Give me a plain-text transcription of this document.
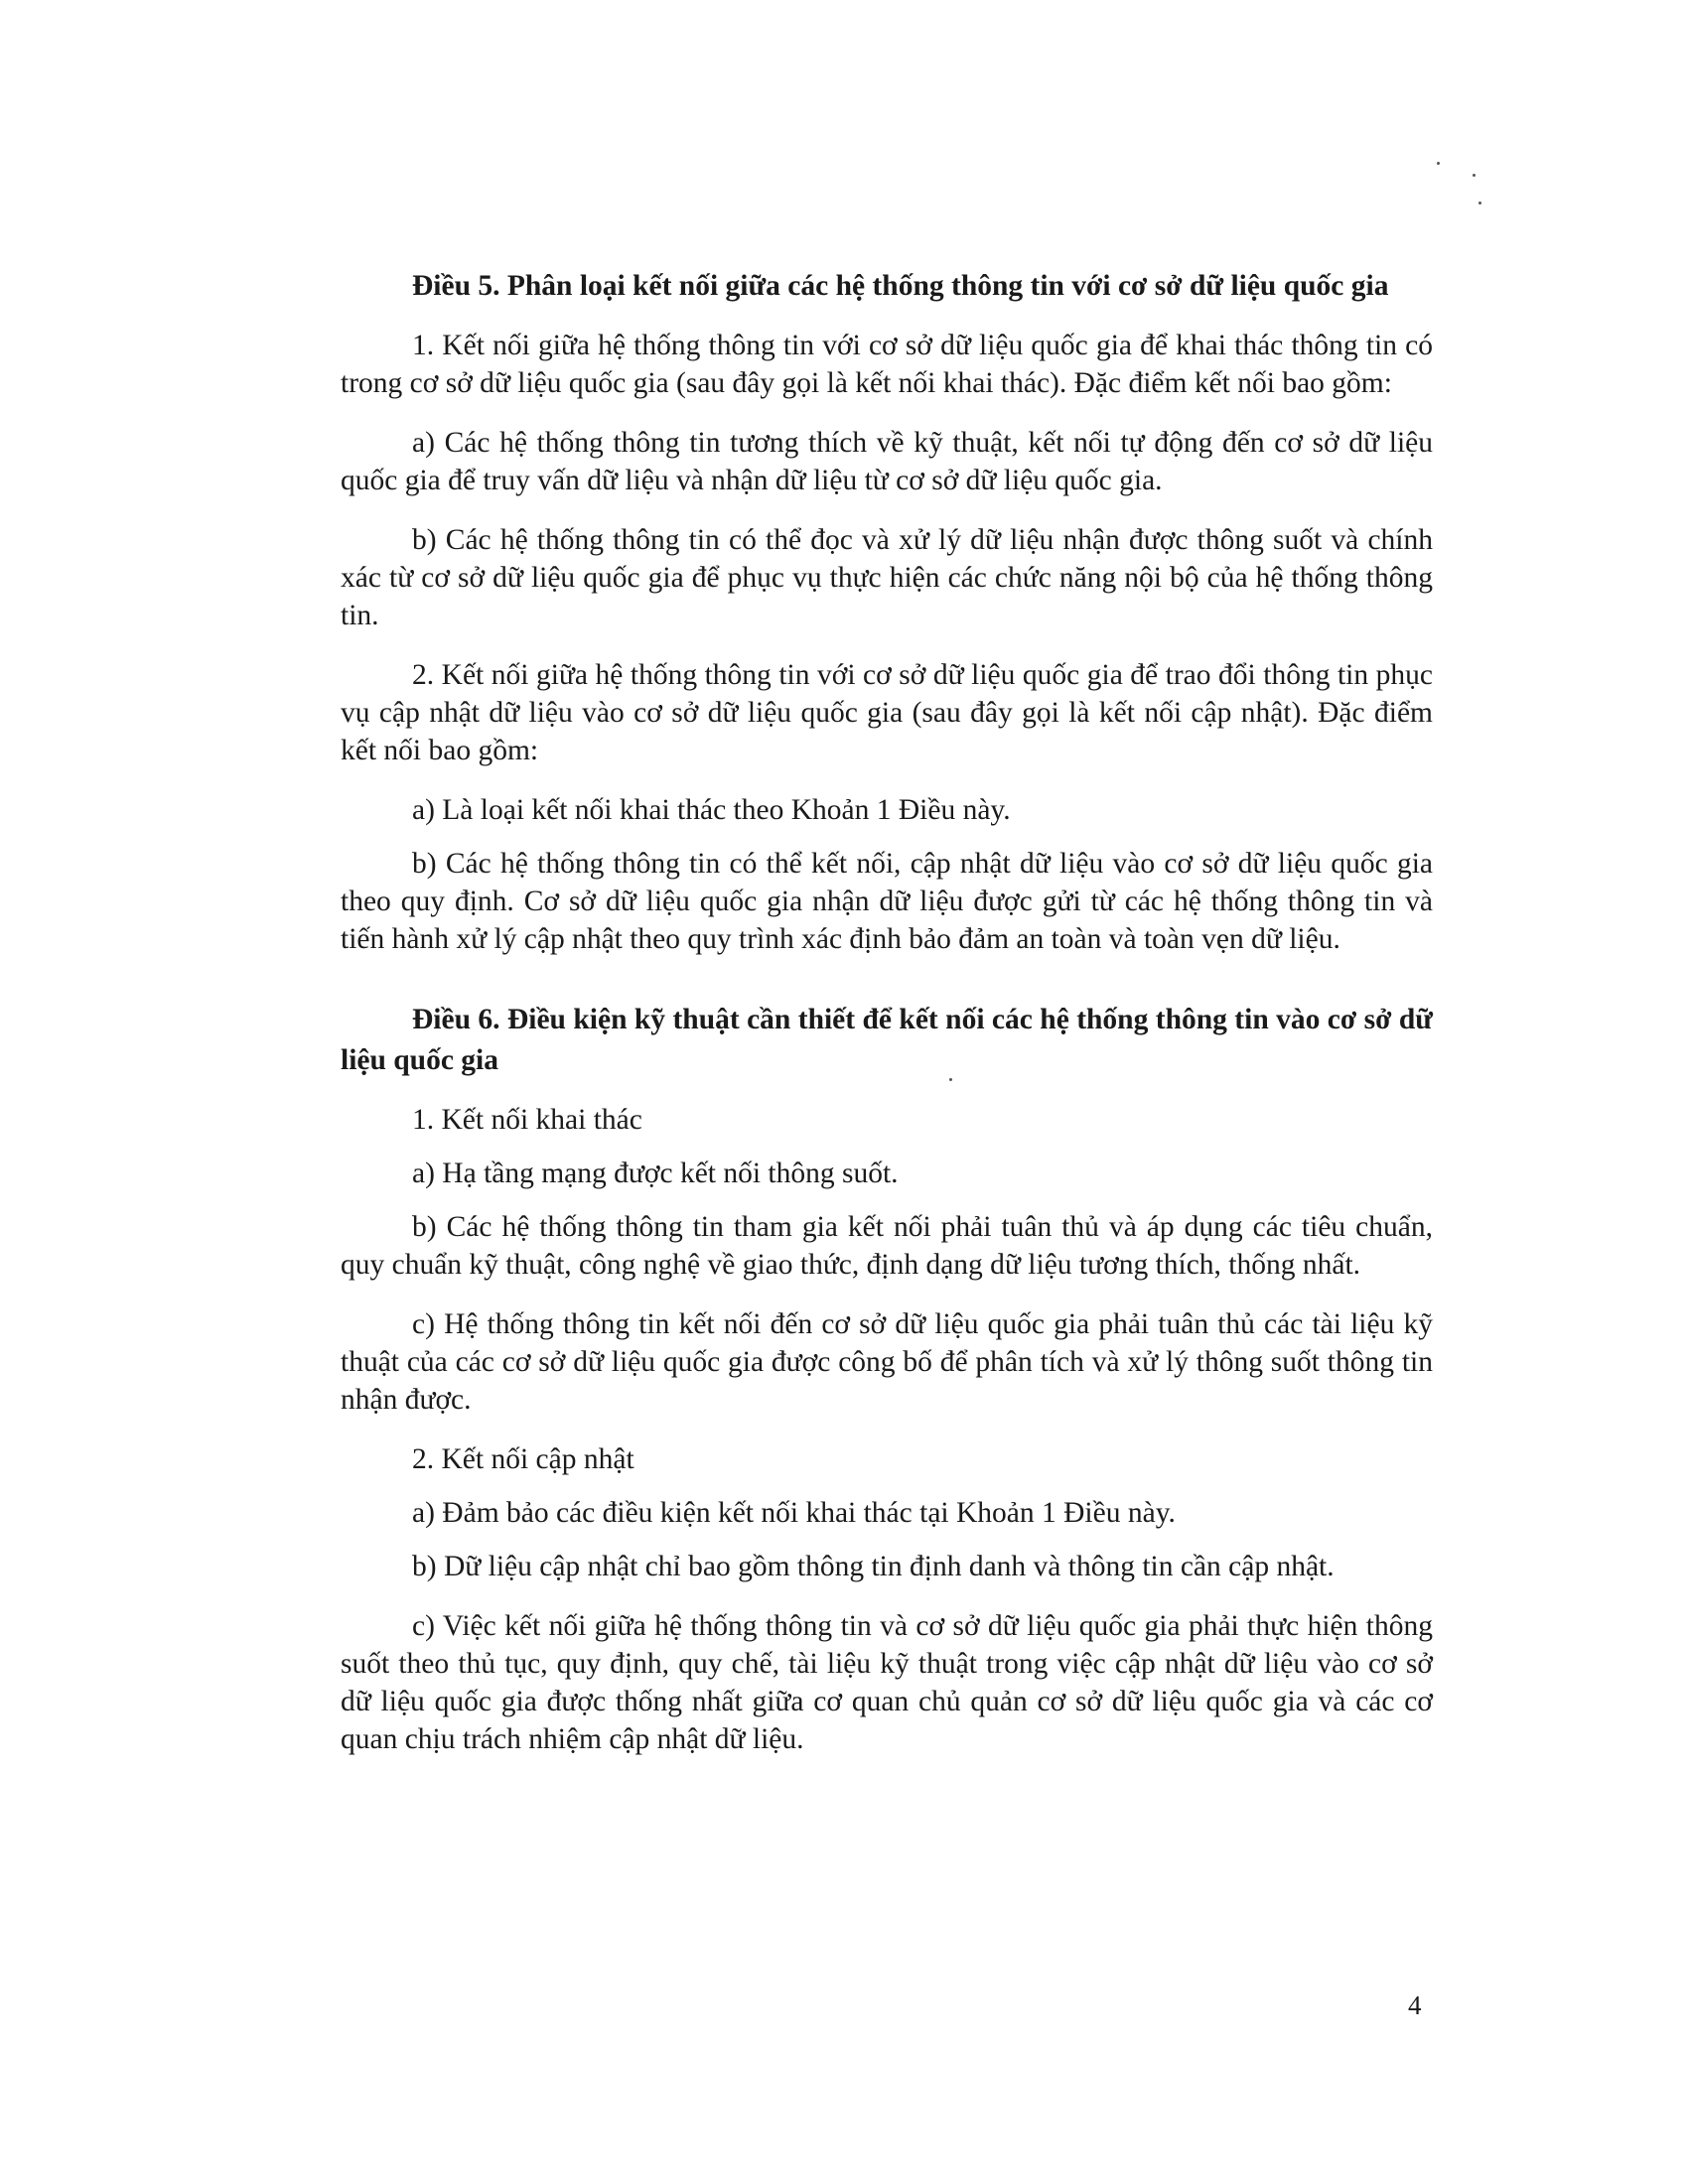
Điều 5. Phân loại kết nối giữa các hệ thống thông tin với cơ sở dữ liệu quốc gia

1. Kết nối giữa hệ thống thông tin với cơ sở dữ liệu quốc gia để khai thác thông tin có trong cơ sở dữ liệu quốc gia (sau đây gọi là kết nối khai thác). Đặc điểm kết nối bao gồm:

a) Các hệ thống thông tin tương thích về kỹ thuật, kết nối tự động đến cơ sở dữ liệu quốc gia để truy vấn dữ liệu và nhận dữ liệu từ cơ sở dữ liệu quốc gia.

b) Các hệ thống thông tin có thể đọc và xử lý dữ liệu nhận được thông suốt và chính xác từ cơ sở dữ liệu quốc gia để phục vụ thực hiện các chức năng nội bộ của hệ thống thông tin.

2. Kết nối giữa hệ thống thông tin với cơ sở dữ liệu quốc gia để trao đổi thông tin phục vụ cập nhật dữ liệu vào cơ sở dữ liệu quốc gia (sau đây gọi là kết nối cập nhật). Đặc điểm kết nối bao gồm:

a) Là loại kết nối khai thác theo Khoản 1 Điều này.

b) Các hệ thống thông tin có thể kết nối, cập nhật dữ liệu vào cơ sở dữ liệu quốc gia theo quy định. Cơ sở dữ liệu quốc gia nhận dữ liệu được gửi từ các hệ thống thông tin và tiến hành xử lý cập nhật theo quy trình xác định bảo đảm an toàn và toàn vẹn dữ liệu.

Điều 6. Điều kiện kỹ thuật cần thiết để kết nối các hệ thống thông tin vào cơ sở dữ liệu quốc gia

1. Kết nối khai thác

a) Hạ tầng mạng được kết nối thông suốt.

b) Các hệ thống thông tin tham gia kết nối phải tuân thủ và áp dụng các tiêu chuẩn, quy chuẩn kỹ thuật, công nghệ về giao thức, định dạng dữ liệu tương thích, thống nhất.

c) Hệ thống thông tin kết nối đến cơ sở dữ liệu quốc gia phải tuân thủ các tài liệu kỹ thuật của các cơ sở dữ liệu quốc gia được công bố để phân tích và xử lý thông suốt thông tin nhận được.

2. Kết nối cập nhật

a) Đảm bảo các điều kiện kết nối khai thác tại Khoản 1 Điều này.

b) Dữ liệu cập nhật chỉ bao gồm thông tin định danh và thông tin cần cập nhật.

c) Việc kết nối giữa hệ thống thông tin và cơ sở dữ liệu quốc gia phải thực hiện thông suốt theo thủ tục, quy định, quy chế, tài liệu kỹ thuật trong việc cập nhật dữ liệu vào cơ sở dữ liệu quốc gia được thống nhất giữa cơ quan chủ quản cơ sở dữ liệu quốc gia và các cơ quan chịu trách nhiệm cập nhật dữ liệu.

4
